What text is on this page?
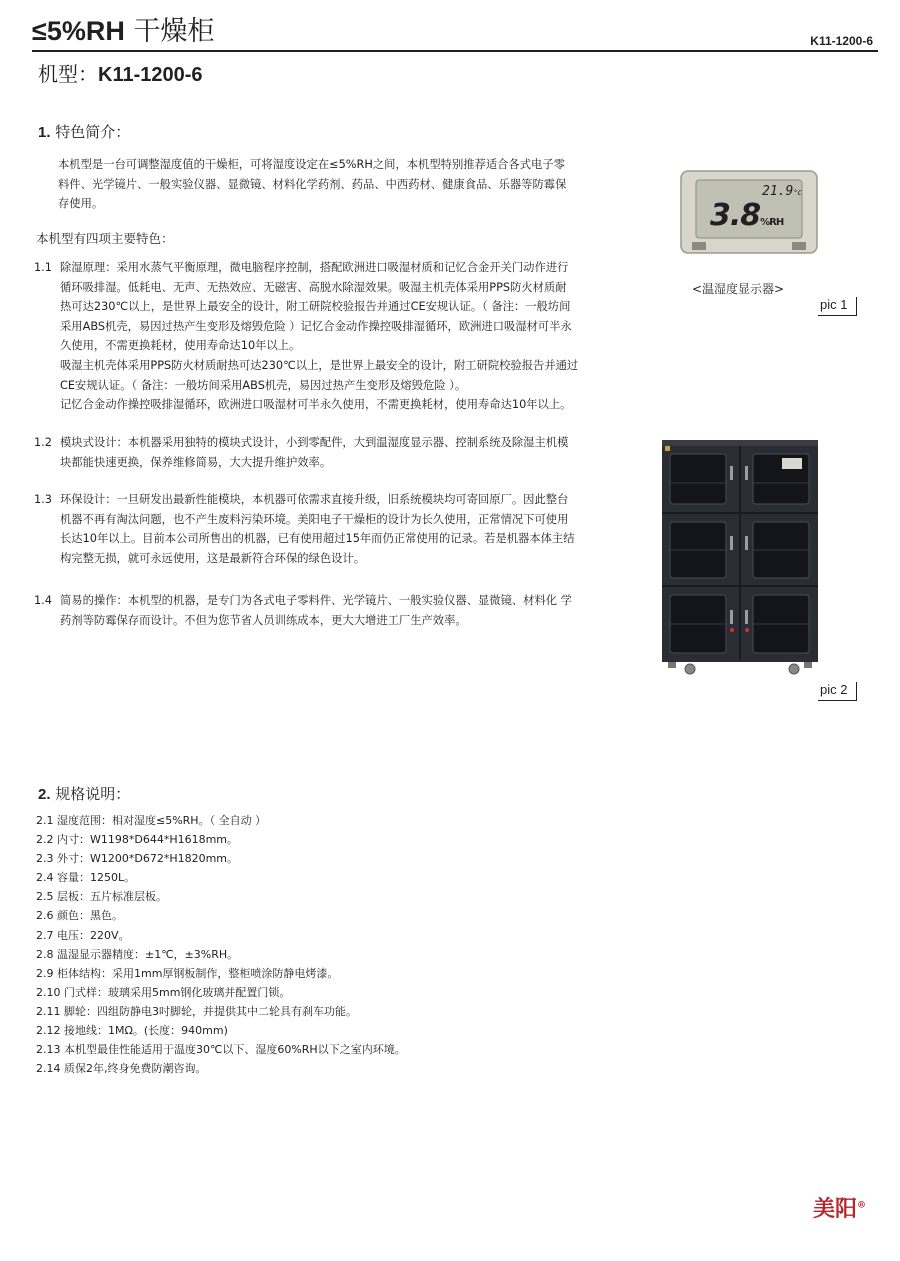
≤5%RH 干燥柜	K11-1200-6
机型：K11-1200-6
1. 特色简介：
本机型是一台可调整湿度值的干燥柜，可将湿度设定在≤5%RH之间，本机型特别推荐适合各式电子零
料件、光学镜片、一般实验仪器、显微镜、材料化学药剂、药品、中西药材、健康食品、乐器等防霉保
存使用。
本机型有四项主要特色：
1.1 除湿原理：采用水蒸气平衡原理，微电脑程序控制，搭配欧洲进口吸湿材质和记忆合金开关门动作进行
循环吸排湿。低耗电、无声、无热效应、无磁害、高脱水除湿效果。吸湿主机壳体采用PPS防火材质耐
热可达230℃以上，是世界上最安全的设计，附工研院校验报告并通过CE安规认证。（ 备注：一般坊间
采用ABS机壳，易因过热产生变形及熔毁危险 ）记忆合金动作操控吸排湿循环，欧洲进口吸湿材可半永
久使用，不需更换耗材，使用寿命达10年以上。
吸湿主机壳体采用PPS防火材质耐热可达230℃以上，是世界上最安全的设计，附工研院校验报告并通过
CE安规认证。（ 备注：一般坊间采用ABS机壳，易因过热产生变形及熔毁危险 ）。
记忆合金动作操控吸排湿循环，欧洲进口吸湿材可半永久使用，不需更换耗材，使用寿命达10年以上。
1.2 模块式设计：本机器采用独特的模块式设计，小到零配件，大到温湿度显示器、控制系统及除湿主机模
块都能快速更换，保养维修简易，大大提升维护效率。
1.3 环保设计：一旦研发出最新性能模块，本机器可依需求直接升级，旧系统模块均可寄回原厂。因此整台
机器不再有淘汰问题，也不产生废料污染环境。美阳电子干燥柜的设计为长久使用，正常情况下可使用
长达10年以上。目前本公司所售出的机器，已有使用超过15年而仍正常使用的记录。若是机器本体主结
构完整无损，就可永远使用，这是最新符合环保的绿色设计。
1.4 简易的操作：本机型的机器，是专门为各式电子零料件、光学镜片、一般实验仪器、显微镜、材料化 学
药剂等防霉保存而设计。不但为您节省人员训练成本，更大大增进工厂生产效率。
21.9°C
3.8%RH
<温湿度显示器>
pic 1
pic 2
2. 规格说明：
2.1 湿度范围：相对湿度≤5%RH。（ 全自动 ）
2.2 内寸：W1198*D644*H1618mm。
2.3 外寸：W1200*D672*H1820mm。
2.4 容量：1250L。
2.5 层板：五片标准层板。
2.6 颜色：黑色。
2.7 电压：220V。
2.8 温湿显示器精度：±1℃，±3%RH。
2.9 柜体结构：采用1mm厚钢板制作，整柜喷涂防静电烤漆。
2.10 门式样：玻璃采用5mm钢化玻璃并配置门锁。
2.11 脚轮：四组防静电3吋脚轮，并提供其中二轮具有刹车功能。
2.12 接地线：1MΩ。(长度：940mm)
2.13 本机型最佳性能适用于温度30℃以下、湿度60%RH以下之室内环境。
2.14 质保2年,终身免费防潮咨询。
美阳®
